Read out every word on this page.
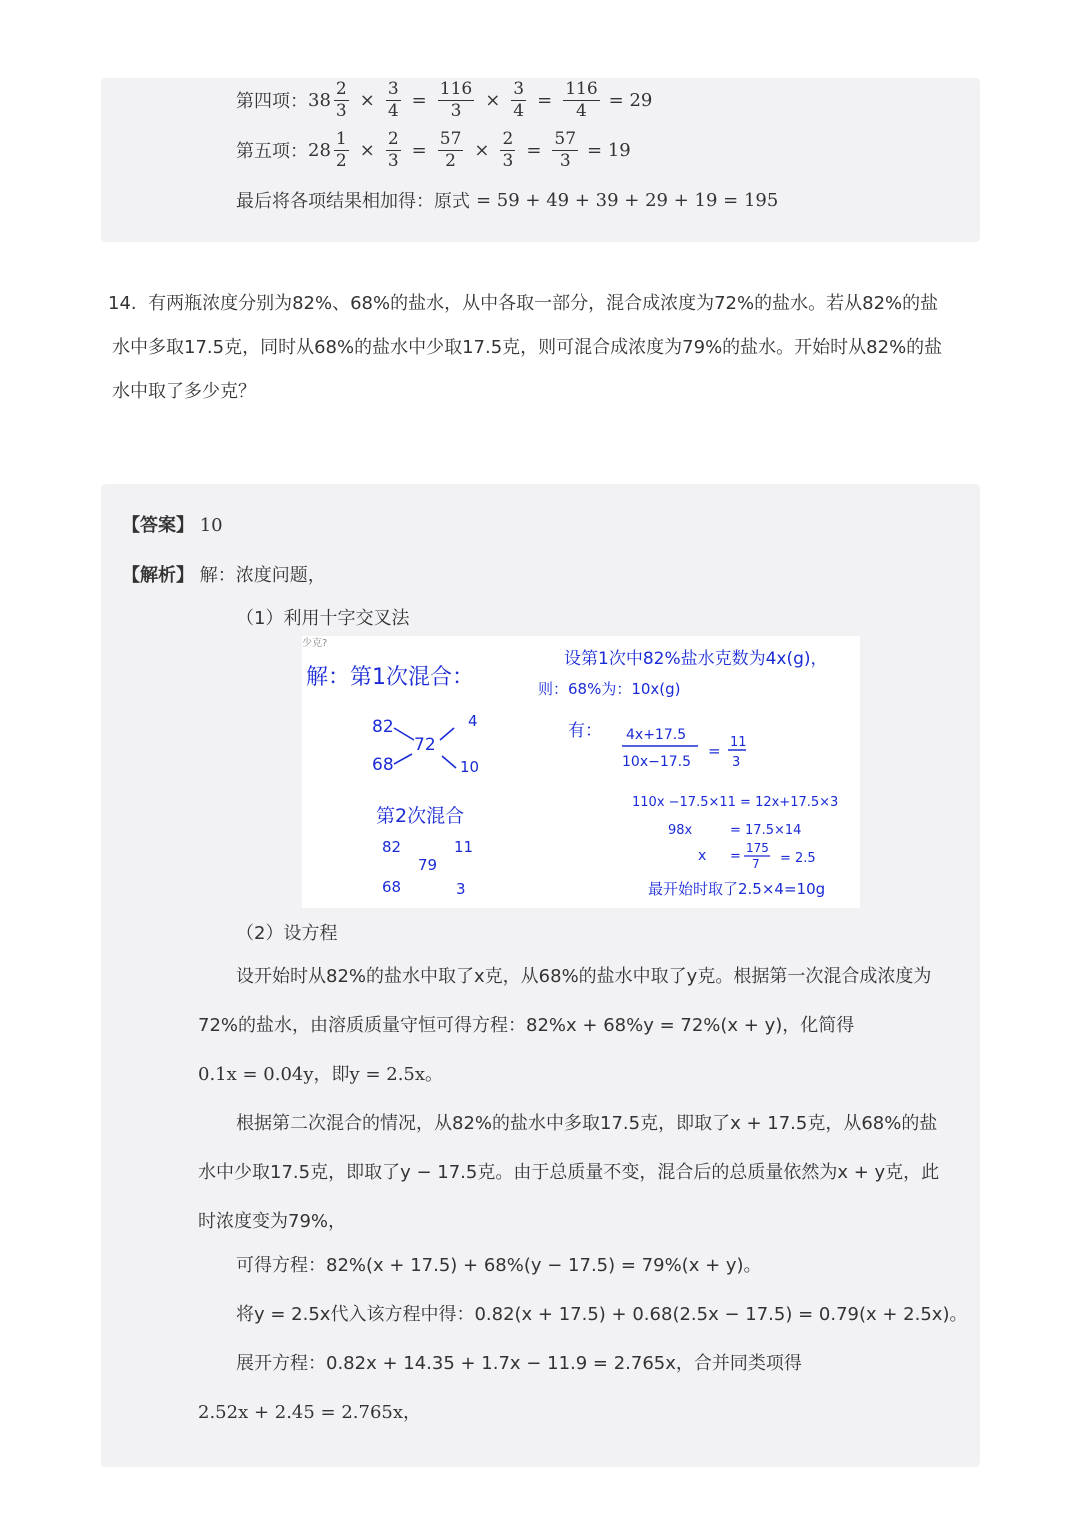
第四项： $38 \frac{2}{3} \times \frac{3}{4} = \frac{116}{3} \times \frac{3}{4} = \frac{116}{4} = 29$
第五项： $28 \frac{1}{2} \times \frac{2}{3} = \frac{57}{2} \times \frac{2}{3} = \frac{57}{3} = 19$
最后将各项结果相加得：原式 = 59 + 49 + 39 + 29 + 19 = 195
14. 有两瓶浓度分别为82%、68%的盐水，从中各取一部分，混合成浓度为72%的盐水。若从82%的盐
水中多取17.5克，同时从68%的盐水中少取17.5克，则可混合成浓度为79%的盐水。开始时从82%的盐
水中取了多少克？
【答案】 10
【解析】 解：浓度问题，
（1）利用十字交叉法
少克?
解：第1次混合：
设第1次中82%盐水克数为4x(g)，
则：68%为：10x(g)
82
68
72
4
10
有： 4x+17.5
10x−17.5
= 11
3
第2次混合
82	11
79
68	3
110x −17.5×11 = 12x+17.5×3
98x	= 17.5×14
x =
175
7 = 2.5
最开始时取了2.5×4=10g
（2）设方程
设开始时从82%的盐水中取了x克，从68%的盐水中取了y克。根据第一次混合成浓度为
72%的盐水，由溶质质量守恒可得方程：82%x + 68%y = 72%(x + y)，化简得
0.1x = 0.04y，即y = 2.5x。
根据第二次混合的情况，从82%的盐水中多取17.5克，即取了x + 17.5克，从68%的盐
水中少取17.5克，即取了y − 17.5克。由于总质量不变，混合后的总质量依然为x + y克，此
时浓度变为79%，
可得方程：82%(x + 17.5) + 68%(y − 17.5) = 79%(x + y)。
将y = 2.5x代入该方程中得：0.82(x + 17.5) + 0.68(2.5x − 17.5) = 0.79(x + 2.5x)。
展开方程：0.82x + 14.35 + 1.7x − 11.9 = 2.765x，合并同类项得
2.52x + 2.45 = 2.765x，
